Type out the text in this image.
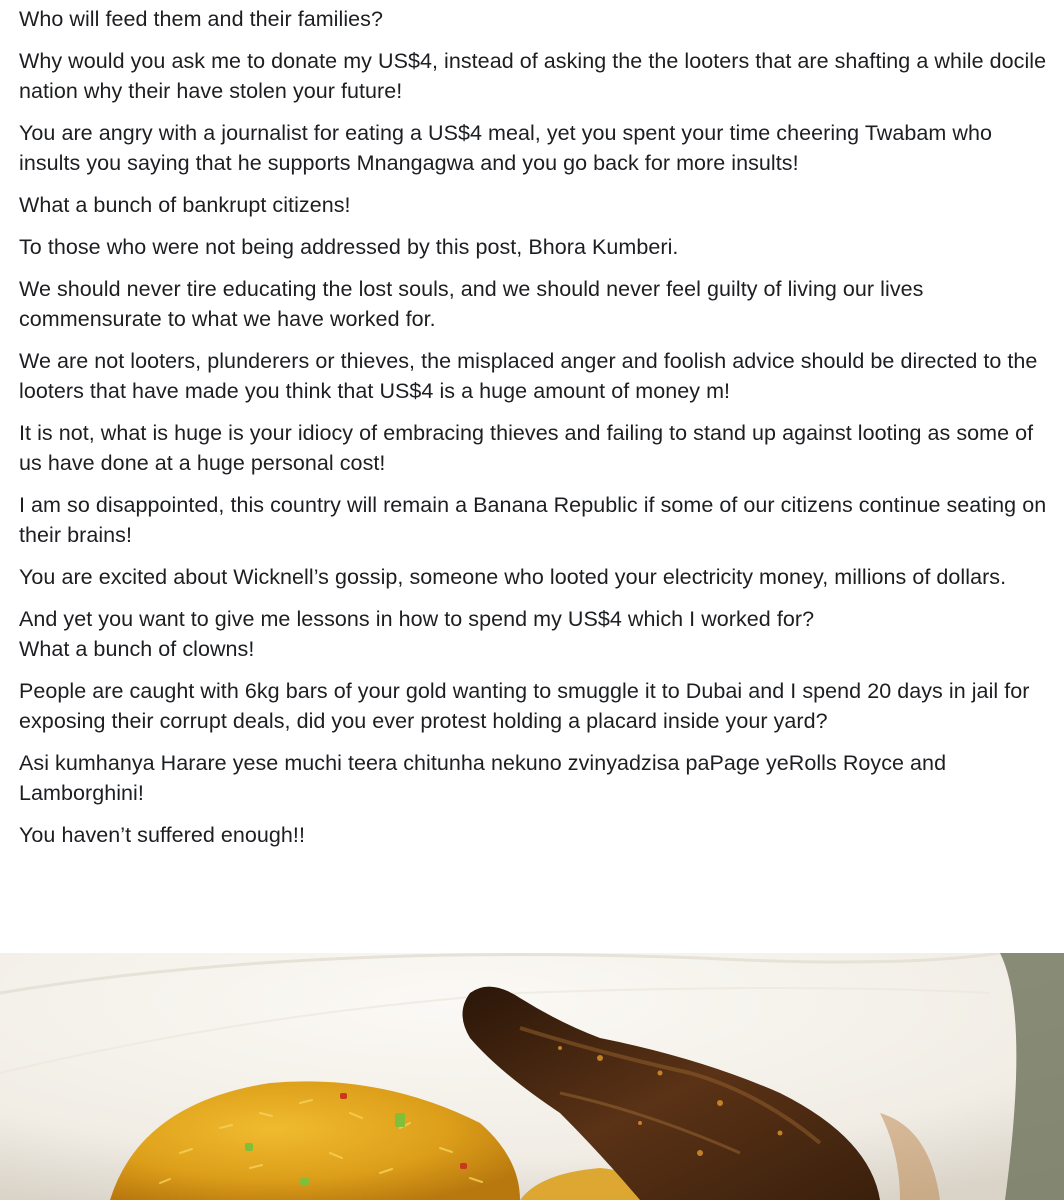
Who will feed them and their families?

Why would you ask me to donate my US$4, instead of asking the the looters that are shafting a while docile nation why their have stolen your future!

You are angry with a journalist for eating a US$4 meal, yet you spent your time cheering Twabam who insults you saying that he supports Mnangagwa and you go back for more insults!

What a bunch of bankrupt citizens!

To those who were not being addressed by this post, Bhora Kumberi.

We should never tire educating the lost souls, and we should never feel guilty of living our lives commensurate to what we have worked for.

We are not looters, plunderers or thieves, the misplaced anger and foolish advice should be directed to the looters that have made you think that US$4 is a huge amount of money m!

It is not, what is huge is your idiocy of embracing thieves and failing to stand up against looting as some of us have done at a huge personal cost!

I am so disappointed, this country will remain a Banana Republic if some of our citizens continue seating on their brains!

You are excited about Wicknell’s gossip, someone who looted your electricity money, millions of dollars.

And yet you want to give me lessons in how to spend my US$4 which I worked for?
What a bunch of clowns!

People are caught with 6kg bars of your gold wanting to smuggle it to Dubai and I spend 20 days in jail for exposing their corrupt deals, did you ever protest holding a placard inside your yard?

Asi kumhanya Harare yese muchi teera chitunha nekuno zvinyadzisa paPage yeRolls Royce and Lamborghini!

You haven’t suffered enough!!
